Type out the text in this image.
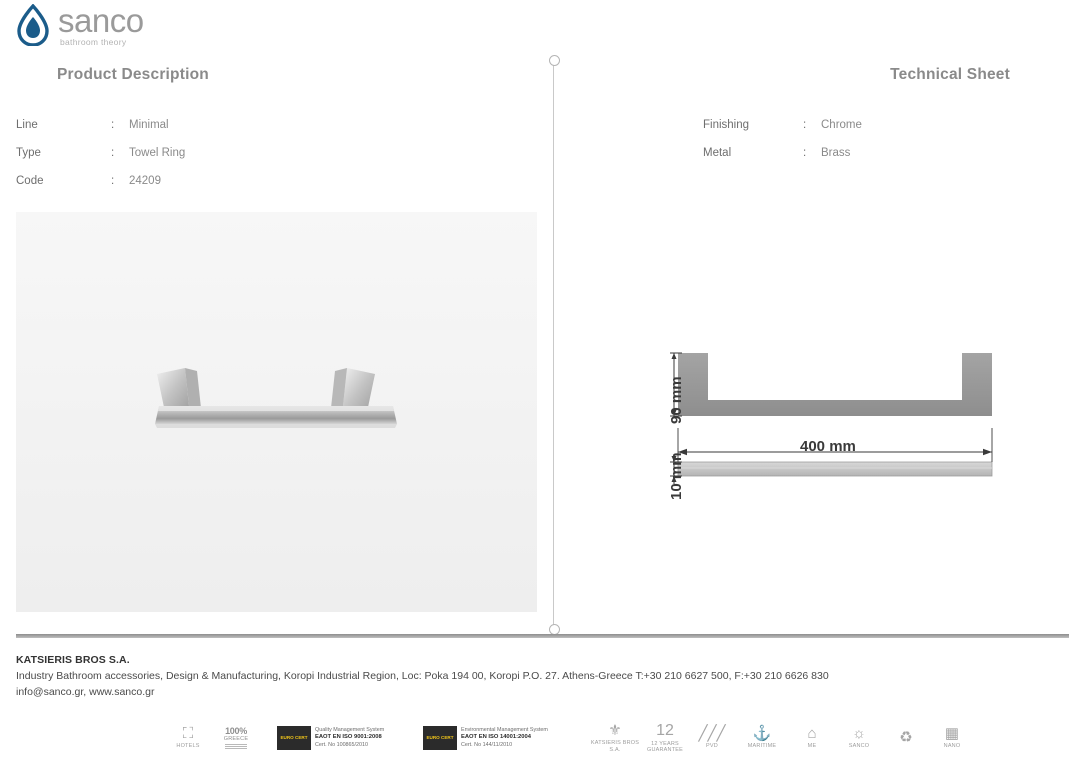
sanco
bathroom theory
Product Description	Technical Sheet
Line	:	Minimal
Type	:	Towel Ring
Code	:	24209
Finishing	:	Chrome
Metal	:	Brass
90 mm
10 mm
400 mm
KATSIERIS BROS S.A.
Industry Bathroom accessories, Design & Manufacturing, Koropi Industrial Region, Loc: Poka 194 00, Koropi P.O. 27. Athens-Greece T:+30 210 6627 500, F:+30 210 6626 830
info@sanco.gr, www.sanco.gr
⛶
HOTELS
100%
GREECE	EURO CERT
Quality Management System
EAOT EN ISO 9001:2008
Cert. No 100865/2010
EURO CERT
Environmental Management System
EAOT EN ISO 14001:2004
Cert. No 144/11/2010
⚜
KATSIERIS BROS S.A.
12
12 YEARS GUARANTEE
╱╱╱
PVD
⚓
MARITIME
⌂
ME
☼
SANCO
♻ ▦
NANO
